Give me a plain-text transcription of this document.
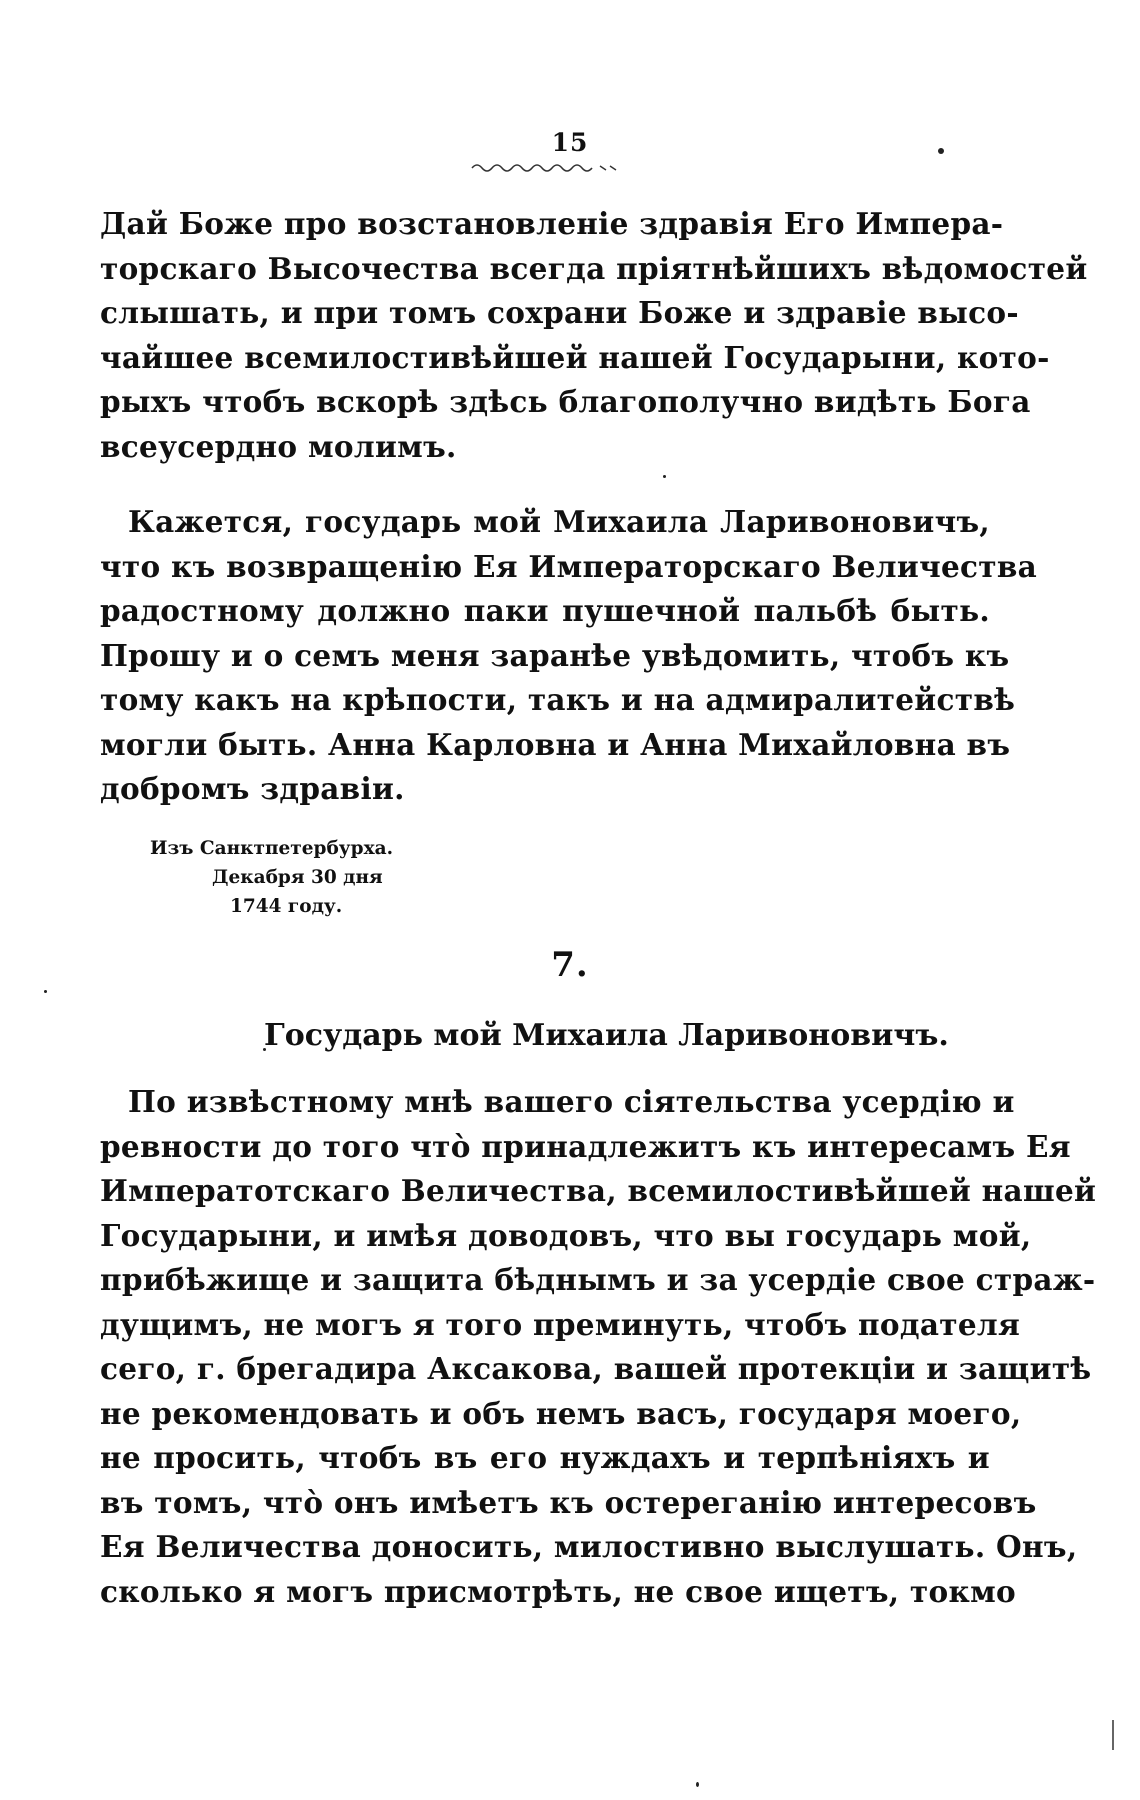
15
Дай Боже про возстановленіе здравія Его Импера-
торскаго Высочества всегда пріятнѣйшихъ вѣдомостей
слышать, и при томъ сохрани Боже и здравіе высо-
чайшее всемилостивѣйшей нашей Государыни, кото-
рыхъ чтобъ вскорѣ здѣсь благополучно видѣть Бога
всеусердно молимъ.
Кажется, государь мой Михаила Ларивоновичъ,
что къ возвращенію Ея Императорскаго Величества
радостному должно паки пушечной пальбѣ быть.
Прошу и о семъ меня заранѣе увѣдомить, чтобъ къ
тому какъ на крѣпости, такъ и на адмиралитействѣ
могли быть. Анна Карловна и Анна Михайловна въ
добромъ здравіи.
Изъ Санктпетербурха.
Декабря 30 дня
1744 году.
7.
Государь мой Михаила Ларивоновичъ.
По извѣстному мнѣ вашего сіятельства усердію и
ревности до того что̀ принадлежитъ къ интересамъ Ея
Императотскаго Величества, всемилостивѣйшей нашей
Государыни, и имѣя доводовъ, что вы государь мой,
прибѣжище и защита бѣднымъ и за усердіе свое страж-
дущимъ, не могъ я того преминуть, чтобъ подателя
сего, г. брегадира Аксакова, вашей протекціи и защитѣ
не рекомендовать и объ немъ васъ, государя моего,
не просить, чтобъ въ его нуждахъ и терпѣніяхъ и
въ томъ, что̀ онъ имѣетъ къ остереганію интересовъ
Ея Величества доносить, милостивно выслушать. Онъ,
сколько я могъ присмотрѣть, не свое ищетъ, токмо
